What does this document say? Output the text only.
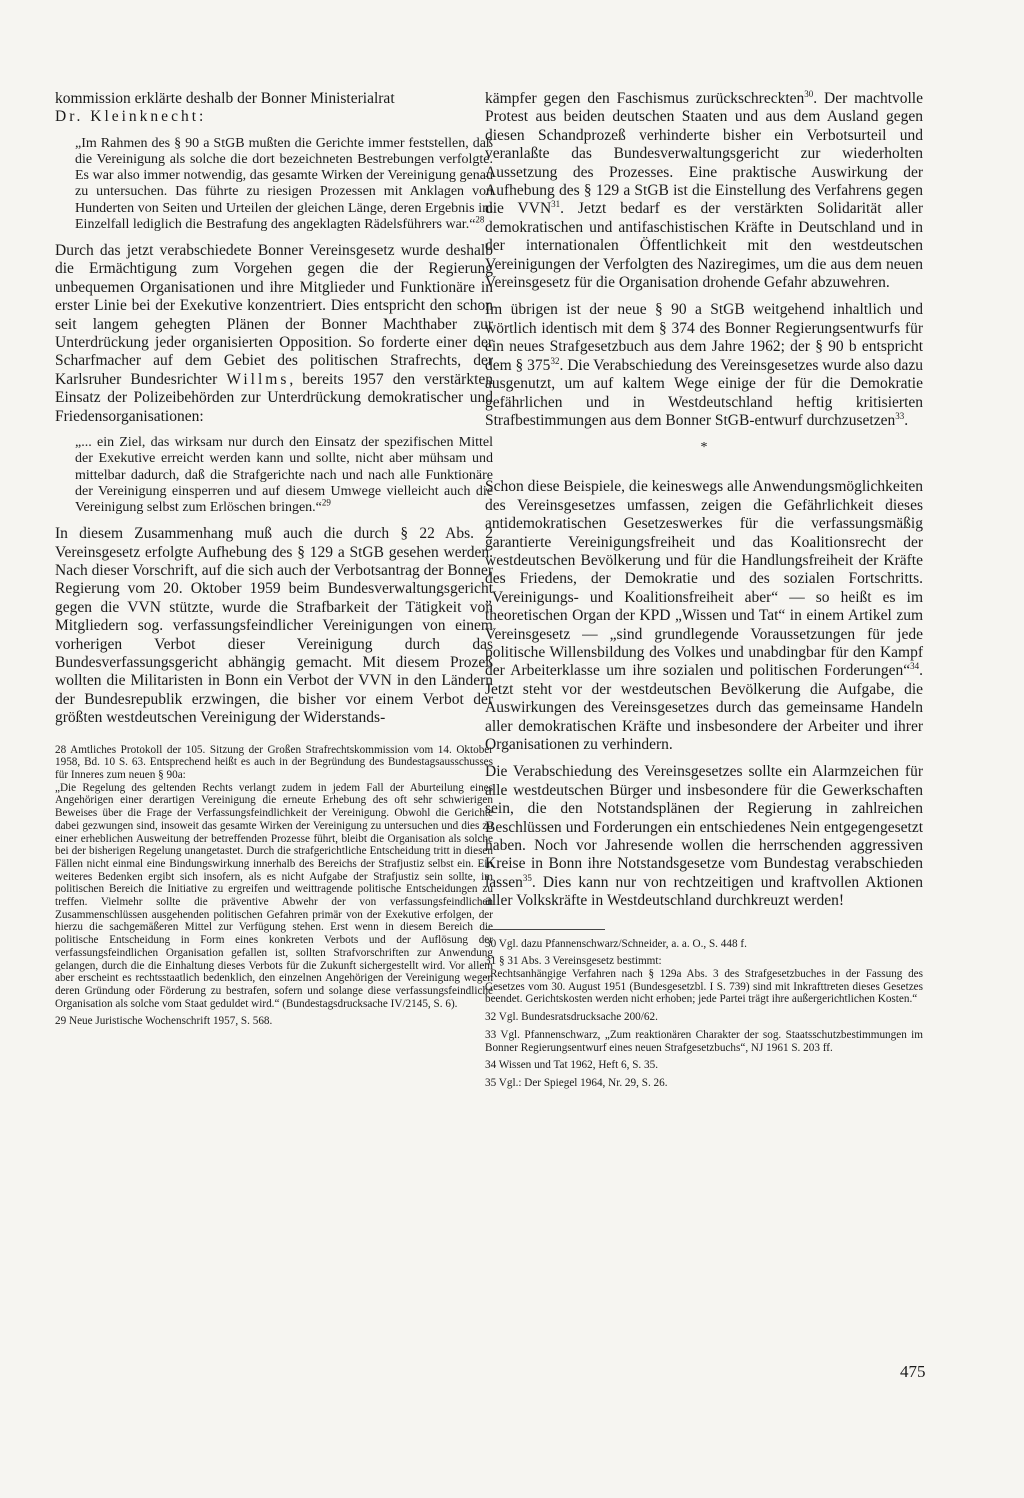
kommission erklärte deshalb der Bonner Ministerialrat
Dr. Kleinknecht:

„Im Rahmen des § 90 a StGB mußten die Gerichte immer feststellen, daß die Vereinigung als solche die dort bezeichneten Bestrebungen verfolgte. Es war also immer notwendig, das gesamte Wirken der Vereinigung genau zu untersuchen. Das führte zu riesigen Prozessen mit Anklagen von Hunderten von Seiten und Urteilen der gleichen Länge, deren Ergebnis im Einzelfall lediglich die Bestrafung des angeklagten Rädelsführers war.“$^{28}$

Durch das jetzt verabschiedete Bonner Vereinsgesetz wurde deshalb die Ermächtigung zum Vorgehen gegen die der Regierung unbequemen Organisationen und ihre Mitglieder und Funktionäre in erster Linie bei der Exekutive konzentriert. Dies entspricht den schon seit langem gehegten Plänen der Bonner Machthaber zur Unterdrückung jeder organisierten Opposition. So forderte einer der Scharfmacher auf dem Gebiet des politischen Strafrechts, der Karlsruher Bundesrichter Willms, bereits 1957 den verstärkten Einsatz der Polizeibehörden zur Unterdrückung demokratischer und Friedensorganisationen:

„... ein Ziel, das wirksam nur durch den Einsatz der spezifischen Mittel der Exekutive erreicht werden kann und sollte, nicht aber mühsam und mittelbar dadurch, daß die Strafgerichte nach und nach alle Funktionäre der Vereinigung einsperren und auf diesem Umwege vielleicht auch die Vereinigung selbst zum Erlöschen bringen.“$^{29}$

In diesem Zusammenhang muß auch die durch § 22 Abs. 2 Vereinsgesetz erfolgte Aufhebung des § 129 a StGB gesehen werden. Nach dieser Vorschrift, auf die sich auch der Verbotsantrag der Bonner Regierung vom 20. Oktober 1959 beim Bundesverwaltungsgericht gegen die VVN stützte, wurde die Strafbarkeit der Tätigkeit von Mitgliedern sog. verfassungsfeindlicher Vereinigungen von einem vorherigen Verbot dieser Vereinigung durch das Bundesverfassungsgericht abhängig gemacht. Mit diesem Prozeß wollten die Militaristen in Bonn ein Verbot der VVN in den Ländern der Bundesrepublik erzwingen, die bisher vor einem Verbot der größten westdeutschen Vereinigung der Widerstands-

28 Amtliches Protokoll der 105. Sitzung der Großen Strafrechtskommission vom 14. Oktober 1958, Bd. 10 S. 63. Entsprechend heißt es auch in der Begründung des Bundestagsausschusses für Inneres zum neuen § 90a:
„Die Regelung des geltenden Rechts verlangt zudem in jedem Fall der Aburteilung eines Angehörigen einer derartigen Vereinigung die erneute Erhebung des oft sehr schwierigen Beweises über die Frage der Verfassungsfeindlichkeit der Vereinigung. Obwohl die Gerichte dabei gezwungen sind, insoweit das gesamte Wirken der Vereinigung zu untersuchen und dies zu einer erheblichen Ausweitung der betreffenden Prozesse führt, bleibt die Organisation als solche bei der bisherigen Regelung unangetastet. Durch die strafgerichtliche Entscheidung tritt in diesen Fällen nicht einmal eine Bindungswirkung innerhalb des Bereichs der Strafjustiz selbst ein. Ein weiteres Bedenken ergibt sich insofern, als es nicht Aufgabe der Strafjustiz sein sollte, im politischen Bereich die Initiative zu ergreifen und weittragende politische Entscheidungen zu treffen. Vielmehr sollte die präventive Abwehr der von verfassungsfeindlichen Zusammenschlüssen ausgehenden politischen Gefahren primär von der Exekutive erfolgen, der hierzu die sachgemäßeren Mittel zur Verfügung stehen. Erst wenn in diesem Bereich die politische Entscheidung in Form eines konkreten Verbots und der Auflösung der verfassungsfeindlichen Organisation gefallen ist, sollten Strafvorschriften zur Anwendung gelangen, durch die die Einhaltung dieses Verbots für die Zukunft sichergestellt wird. Vor allem aber erscheint es rechtsstaatlich bedenklich, den einzelnen Angehörigen der Vereinigung wegen deren Gründung oder Förderung zu bestrafen, sofern und solange diese verfassungsfeindliche Organisation als solche vom Staat geduldet wird.“ (Bundestagsdrucksache IV/2145, S. 6).
29 Neue Juristische Wochenschrift 1957, S. 568.

kämpfer gegen den Faschismus zurückschreckten$^{30}$. Der machtvolle Protest aus beiden deutschen Staaten und aus dem Ausland gegen diesen Schandprozeß verhinderte bisher ein Verbotsurteil und veranlaßte das Bundesverwaltungsgericht zur wiederholten Aussetzung des Prozesses. Eine praktische Auswirkung der Aufhebung des § 129 a StGB ist die Einstellung des Verfahrens gegen die VVN$^{31}$. Jetzt bedarf es der verstärkten Solidarität aller demokratischen und antifaschistischen Kräfte in Deutschland und in der internationalen Öffentlichkeit mit den westdeutschen Vereinigungen der Verfolgten des Naziregimes, um die aus dem neuen Vereinsgesetz für die Organisation drohende Gefahr abzuwehren.

Im übrigen ist der neue § 90 a StGB weitgehend inhaltlich und wörtlich identisch mit dem § 374 des Bonner Regierungsentwurfs für ein neues Strafgesetzbuch aus dem Jahre 1962; der § 90 b entspricht dem § $375^{32}$. Die Verabschiedung des Vereinsgesetzes wurde also dazu ausgenutzt, um auf kaltem Wege einige der für die Demokratie gefährlichen und in Westdeutschland heftig kritisierten Strafbestimmungen aus dem Bonner StGB-entwurf durchzusetzen$^{33}$.

*

Schon diese Beispiele, die keineswegs alle Anwendungsmöglichkeiten des Vereinsgesetzes umfassen, zeigen die Gefährlichkeit dieses antidemokratischen Gesetzeswerkes für die verfassungsmäßig garantierte Vereinigungsfreiheit und das Koalitionsrecht der westdeutschen Bevölkerung und für die Handlungsfreiheit der Kräfte des Friedens, der Demokratie und des sozialen Fortschritts. „Vereinigungs- und Koalitionsfreiheit aber“ — so heißt es im theoretischen Organ der KPD „Wissen und Tat“ in einem Artikel zum Vereinsgesetz — „sind grundlegende Voraussetzungen für jede politische Willensbildung des Volkes und unabdingbar für den Kampf der Arbeiterklasse um ihre sozialen und politischen Forderungen“$^{34}$. Jetzt steht vor der westdeutschen Bevölkerung die Aufgabe, die Auswirkungen des Vereinsgesetzes durch das gemeinsame Handeln aller demokratischen Kräfte und insbesondere der Arbeiter und ihrer Organisationen zu verhindern.

Die Verabschiedung des Vereinsgesetzes sollte ein Alarmzeichen für alle westdeutschen Bürger und insbesondere für die Gewerkschaften sein, die den Notstandsplänen der Regierung in zahlreichen Beschlüssen und Forderungen ein entschiedenes Nein entgegengesetzt haben. Noch vor Jahresende wollen die herrschenden aggressiven Kreise in Bonn ihre Notstandsgesetze vom Bundestag verabschieden lassen$^{35}$. Dies kann nur von rechtzeitigen und kraftvollen Aktionen aller Volkskräfte in Westdeutschland durchkreuzt werden!

30 Vgl. dazu Pfannenschwarz/Schneider, a. a. O., S. 448 f.
31 § 31 Abs. 3 Vereinsgesetz bestimmt:
„Rechtsanhängige Verfahren nach § 129a Abs. 3 des Strafgesetzbuches in der Fassung des Gesetzes vom 30. August 1951 (Bundesgesetzbl. I S. 739) sind mit Inkrafttreten dieses Gesetzes beendet. Gerichtskosten werden nicht erhoben; jede Partei trägt ihre außergerichtlichen Kosten.“
32 Vgl. Bundesratsdrucksache 200/62.
33 Vgl. Pfannenschwarz, „Zum reaktionären Charakter der sog. Staatsschutzbestimmungen im Bonner Regierungsentwurf eines neuen Strafgesetzbuchs“, NJ 1961 S. 203 ff.
34 Wissen und Tat 1962, Heft 6, S. 35.
35 Vgl.: Der Spiegel 1964, Nr. 29, S. 26.
475
